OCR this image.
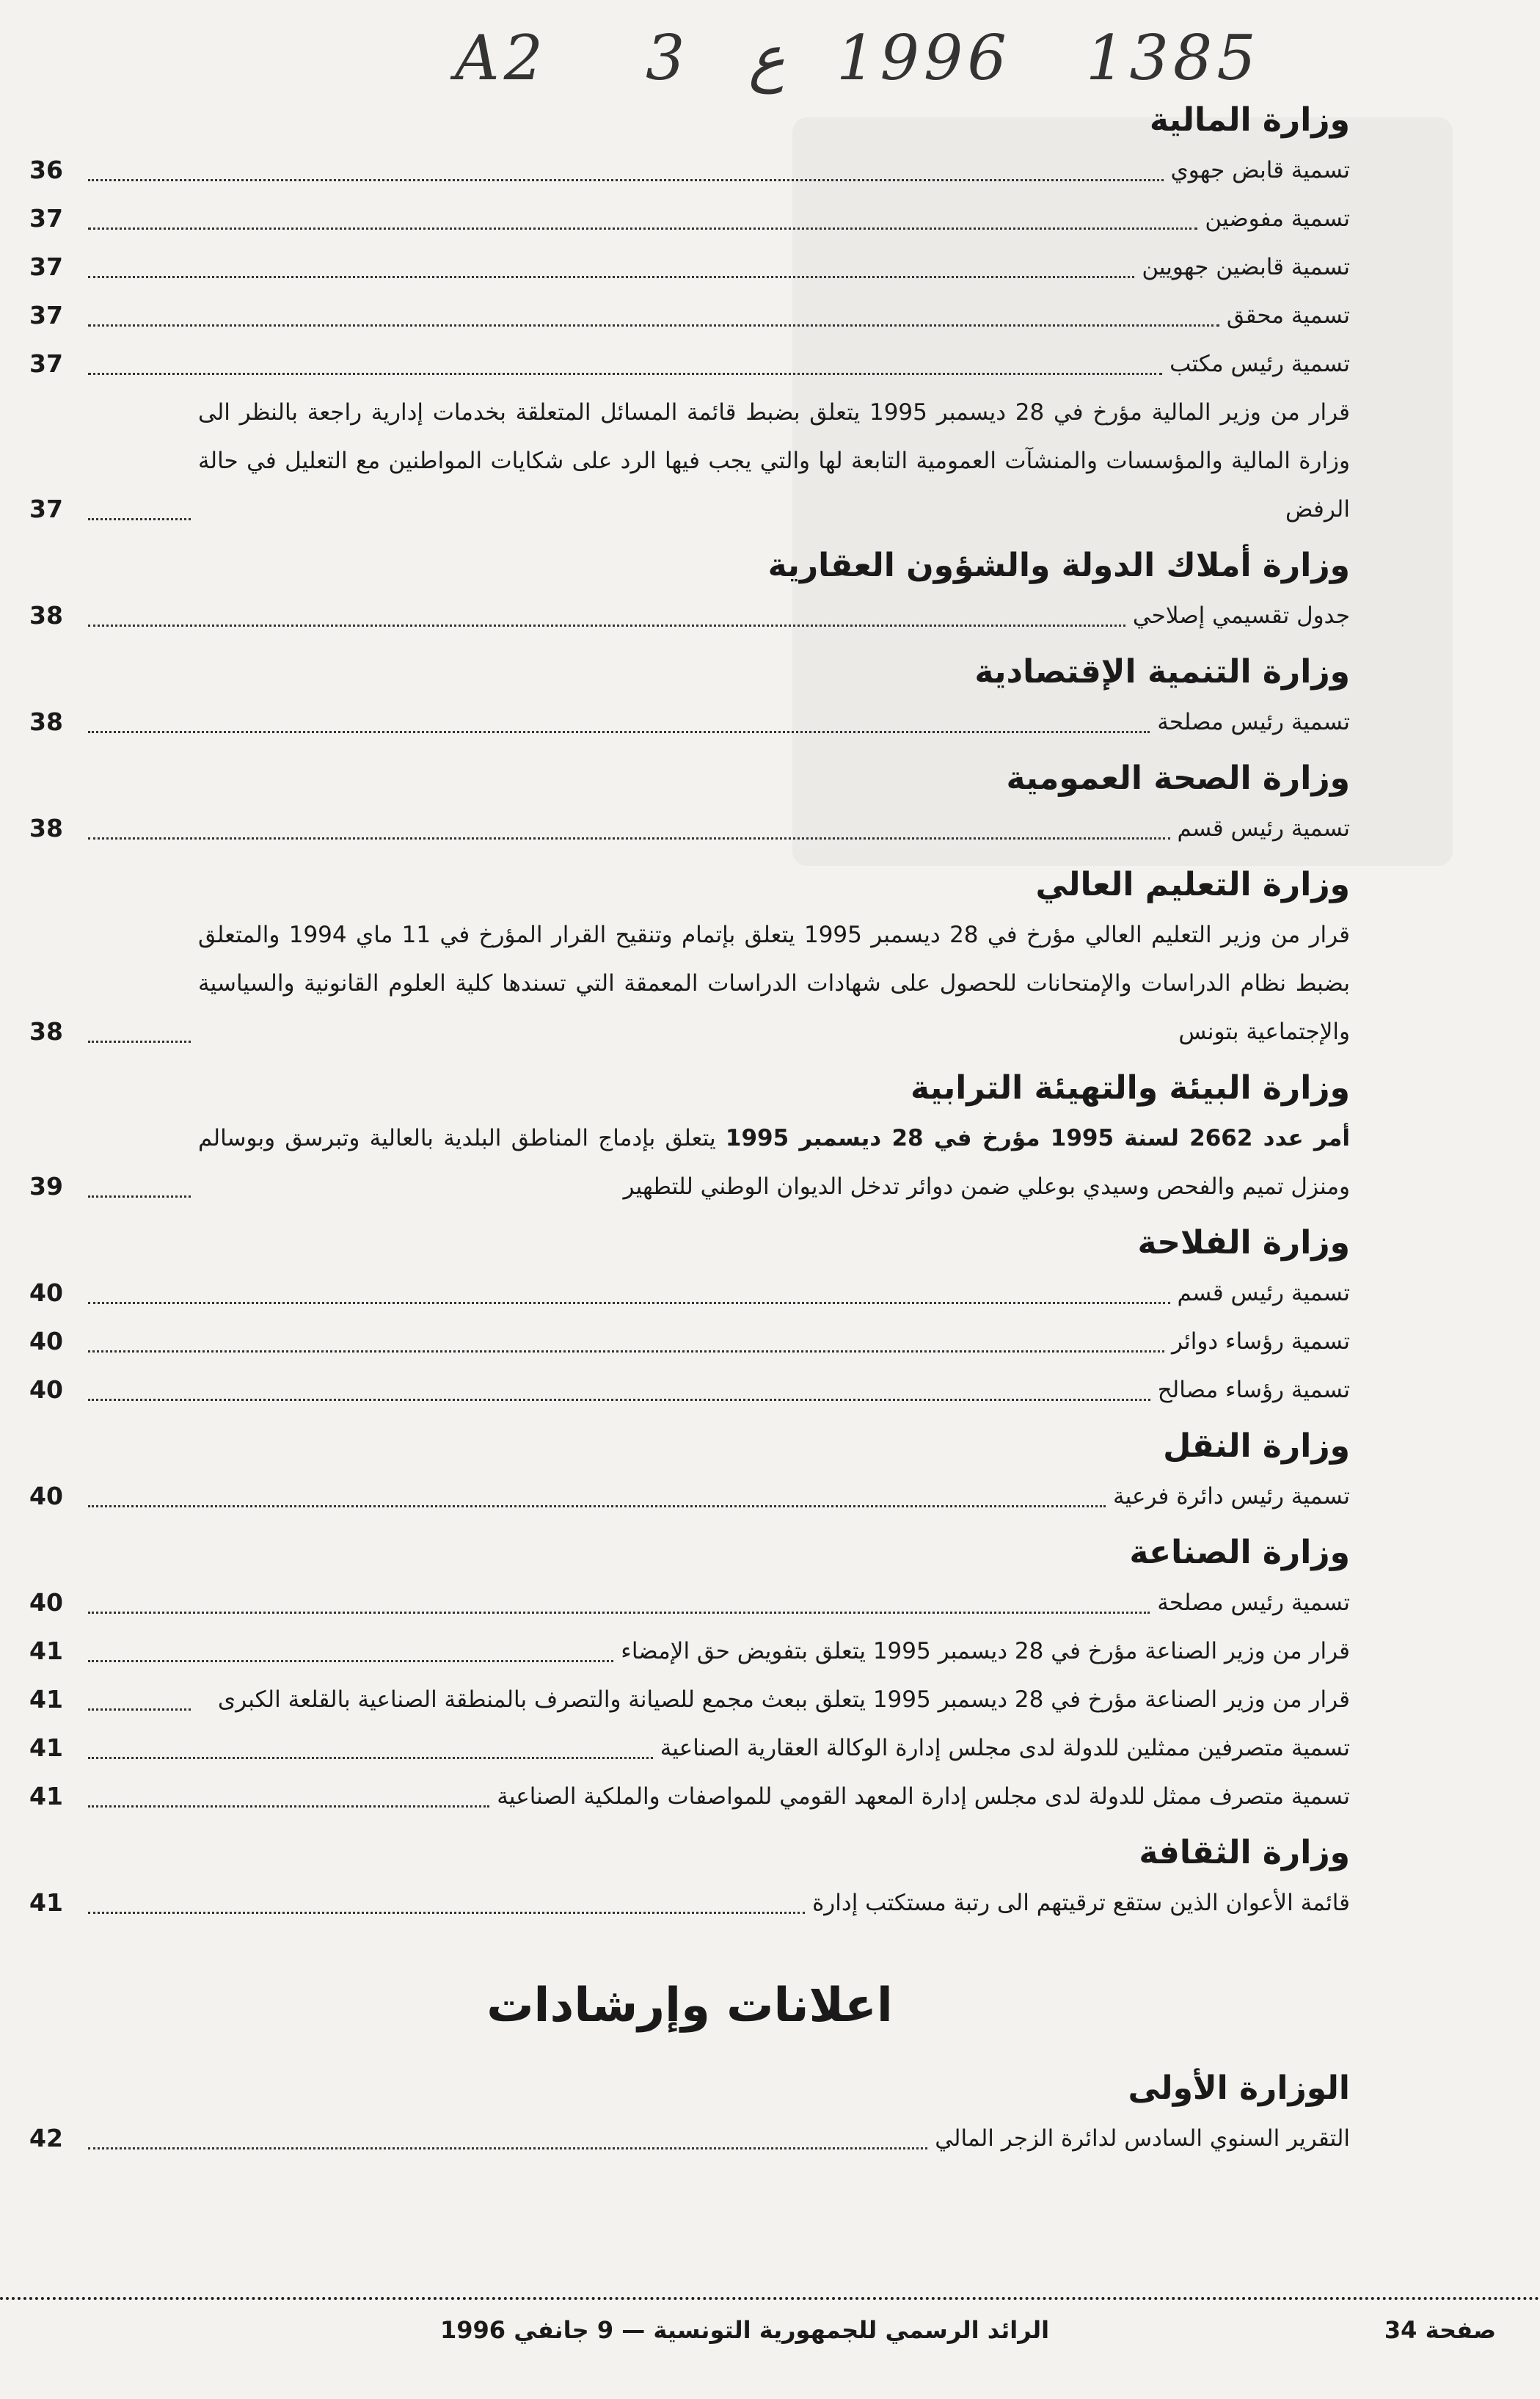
A2 3 ع 1996 1385
وزارة المالية
تسمية قابض جهوي
36
تسمية مفوضين
37
تسمية قابضين جهويين
37
تسمية محقق
37
تسمية رئيس مكتب
37
قرار من وزير المالية مؤرخ في 28 ديسمبر 1995 يتعلق بضبط قائمة المسائل المتعلقة بخدمات إدارية راجعة بالنظر الى وزارة المالية والمؤسسات والمنشآت العمومية التابعة لها والتي يجب فيها الرد على شكايات المواطنين مع التعليل في حالة الرفض
37
وزارة أملاك الدولة والشؤون العقارية
جدول تقسيمي إصلاحي
38
وزارة التنمية الإقتصادية
تسمية رئيس مصلحة
38
وزارة الصحة العمومية
تسمية رئيس قسم
38
وزارة التعليم العالي
قرار من وزير التعليم العالي مؤرخ في 28 ديسمبر 1995 يتعلق بإتمام وتنقيح القرار المؤرخ في 11 ماي 1994 والمتعلق بضبط نظام الدراسات والإمتحانات للحصول على شهادات الدراسات المعمقة التي تسندها كلية العلوم القانونية والسياسية والإجتماعية بتونس
38
وزارة البيئة والتهيئة الترابية
أمر عدد 2662 لسنة 1995 مؤرخ في 28 ديسمبر 1995 يتعلق بإدماج المناطق البلدية بالعالية وتبرسق وبوسالم ومنزل تميم والفحص وسيدي بوعلي ضمن دوائر تدخل الديوان الوطني للتطهير
39
وزارة الفلاحة
تسمية رئيس قسم
40
تسمية رؤساء دوائر
40
تسمية رؤساء مصالح
40
وزارة النقل
تسمية رئيس دائرة فرعية
40
وزارة الصناعة
تسمية رئيس مصلحة
40
قرار من وزير الصناعة مؤرخ في 28 ديسمبر 1995 يتعلق بتفويض حق الإمضاء
41
قرار من وزير الصناعة مؤرخ في 28 ديسمبر 1995 يتعلق ببعث مجمع للصيانة والتصرف بالمنطقة الصناعية بالقلعة الكبرى
41
تسمية متصرفين ممثلين للدولة لدى مجلس إدارة الوكالة العقارية الصناعية
41
تسمية متصرف ممثل للدولة لدى مجلس إدارة المعهد القومي للمواصفات والملكية الصناعية
41
وزارة الثقافة
قائمة الأعوان الذين ستقع ترقيتهم الى رتبة مستكتب إدارة
41
اعلانات وإرشادات
الوزارة الأولى
التقرير السنوي السادس لدائرة الزجر المالي
42
صفحة 34
الرائد الرسمي للجمهورية التونسية — 9 جانفي 1996
